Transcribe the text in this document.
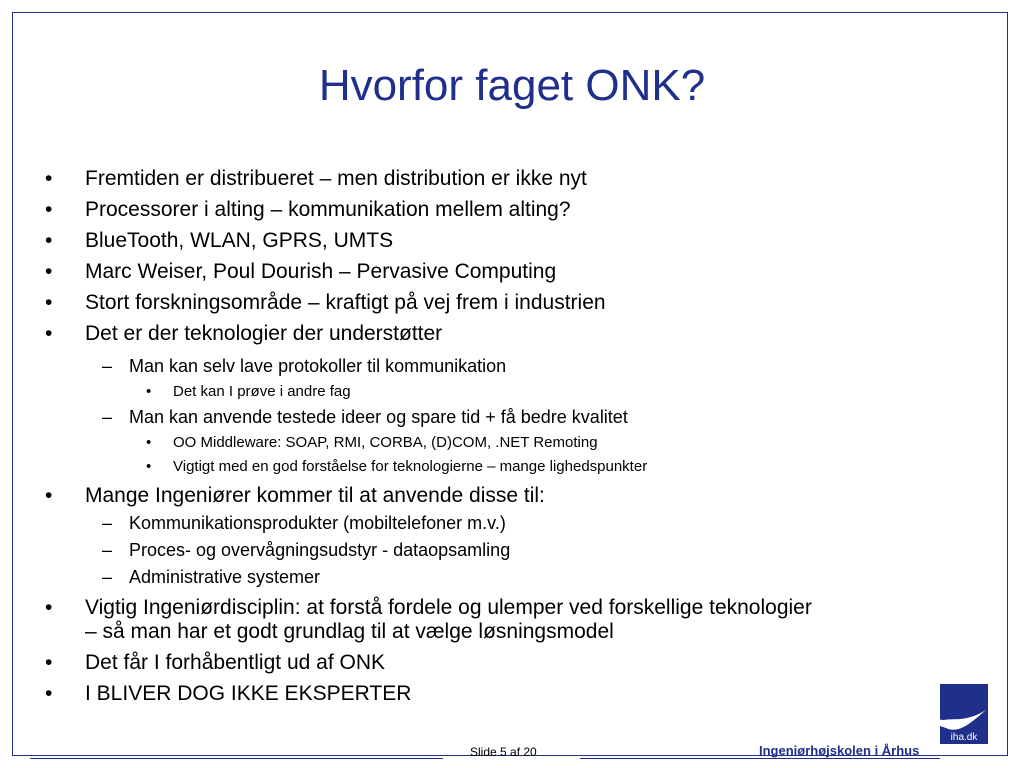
Hvorfor faget ONK?
• Fremtiden er distribueret – men distribution er ikke nyt
• Processorer i alting – kommunikation mellem alting?
• BlueTooth, WLAN, GPRS, UMTS
• Marc Weiser, Poul Dourish – Pervasive Computing
• Stort forskningsområde – kraftigt på vej frem i industrien
• Det er der teknologier der understøtter
– Man kan selv lave protokoller til kommunikation
• Det kan I prøve i andre fag
– Man kan anvende testede ideer og spare tid + få bedre kvalitet
• OO Middleware: SOAP, RMI, CORBA, (D)COM, .NET Remoting
• Vigtigt med en god forståelse for teknologierne – mange lighedspunkter
• Mange Ingeniører kommer til at anvende disse til:
– Kommunikationsprodukter (mobiltelefoner m.v.)
– Proces- og overvågningsudstyr - dataopsamling
– Administrative systemer
• Vigtig Ingeniørdisciplin: at forstå fordele og ulemper ved forskellige teknologier
– så man har et godt grundlag til at vælge løsningsmodel
• Det får I forhåbentligt ud af ONK
• I BLIVER DOG IKKE EKSPERTER
Slide 5 af 20	Ingeniørhøjskolen i Århus
iha.dk
